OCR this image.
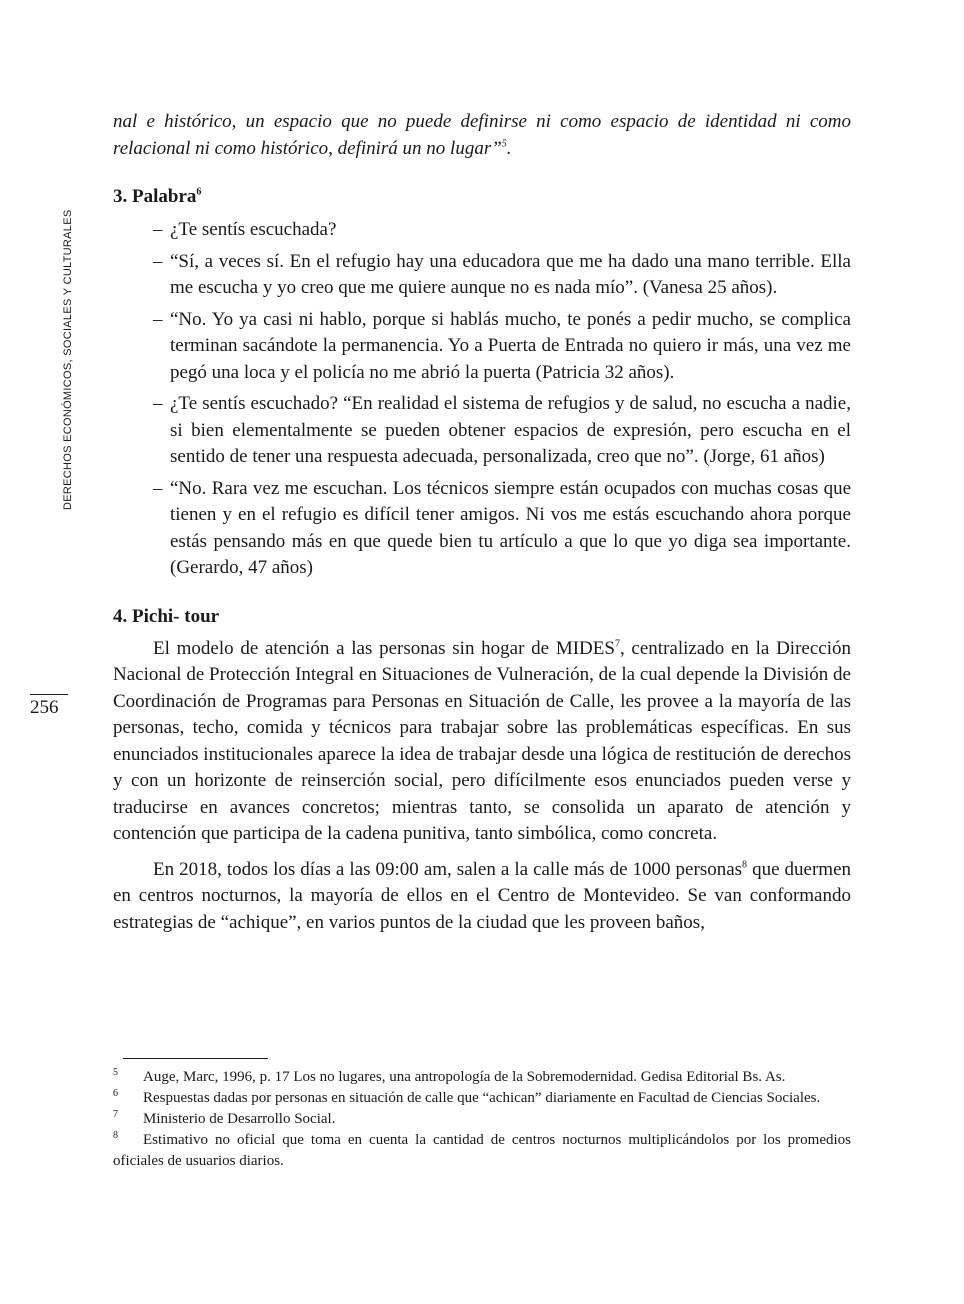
DERECHOS ECONÓMICOS, SOCIALES Y CULTURALES
256

nal e histórico, un espacio que no puede definirse ni como espacio de identidad ni como relacional ni como histórico, definirá un no lugar”$^5$.

3. Palabra$^6$
– ¿Te sentís escuchada?
– “Sí, a veces sí. En el refugio hay una educadora que me ha dado una mano terrible. Ella me escucha y yo creo que me quiere aunque no es nada mío”. (Vanesa 25 años).
– “No. Yo ya casi ni hablo, porque si hablás mucho, te ponés a pedir mucho, se complica terminan sacándote la permanencia. Yo a Puerta de Entrada no quiero ir más, una vez me pegó una loca y el policía no me abrió la puerta (Patricia 32 años).
– ¿Te sentís escuchado? “En realidad el sistema de refugios y de salud, no escucha a nadie, si bien elementalmente se pueden obtener espacios de expresión, pero escucha en el sentido de tener una respuesta adecuada, personalizada, creo que no”. (Jorge, 61 años)
– “No. Rara vez me escuchan. Los técnicos siempre están ocupados con muchas cosas que tienen y en el refugio es difícil tener amigos. Ni vos me estás escuchando ahora porque estás pensando más en que quede bien tu artículo a que lo que yo diga sea importante. (Gerardo, 47 años)
4. Pichi- tour

El modelo de atención a las personas sin hogar de MIDES$^7$, centralizado en la Dirección Nacional de Protección Integral en Situaciones de Vulneración, de la cual depende la División de Coordinación de Programas para Personas en Situación de Calle, les provee a la mayoría de las personas, techo, comida y técnicos para trabajar sobre las problemáticas específicas. En sus enunciados institucionales aparece la idea de trabajar desde una lógica de restitución de derechos y con un horizonte de reinserción social, pero difícilmente esos enunciados pueden verse y traducirse en avances concretos; mientras tanto, se consolida un aparato de atención y contención que participa de la cadena punitiva, tanto simbólica, como concreta.

En 2018, todos los días a las 09:00 am, salen a la calle más de 1000 personas$^8$ que duermen en centros nocturnos, la mayoría de ellos en el Centro de Montevideo. Se van conformando estrategias de “achique”, en varios puntos de la ciudad que les proveen baños,

5 Auge, Marc, 1996, p. 17 Los no lugares, una antropología de la Sobremodernidad. Gedisa Editorial Bs. As.

6 Respuestas dadas por personas en situación de calle que “achican” diariamente en Facultad de Ciencias Sociales.

7 Ministerio de Desarrollo Social.

8 Estimativo no oficial que toma en cuenta la cantidad de centros nocturnos multiplicándolos por los promedios oficiales de usuarios diarios.
